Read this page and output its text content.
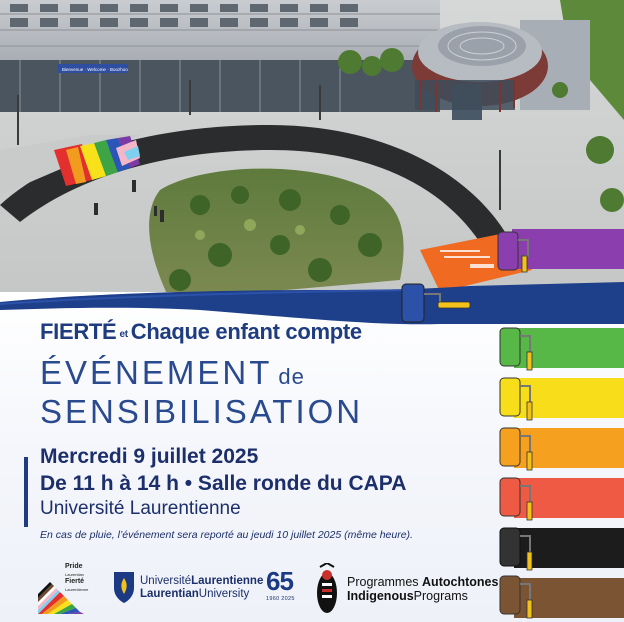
Bienvenue · Welcome · Boozhoo
FIERTÉ et Chaque enfant compte
ÉVÉNEMENT de
SENSIBILISATION
Mercredi 9 juillet 2025
De 11 h à 14 h • Salle ronde du CAPA
Université Laurentienne
En cas de pluie, l’événement sera reporté au jeudi 10 juillet 2025 (même heure).
Pride
Laurentian
Fierté
Laurentienne
UniversitéLaurentienne
LaurentianUniversity 65
1960 2025
Programmes Autochtones
IndigenousPrograms
